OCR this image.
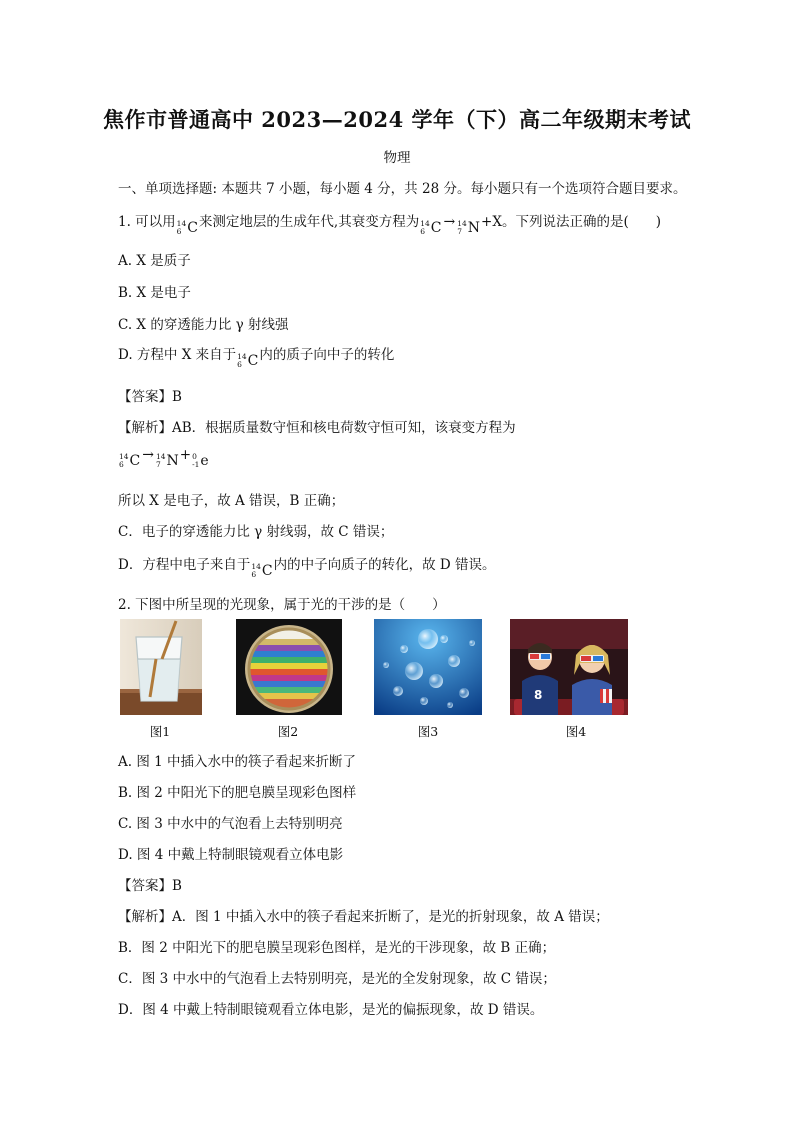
焦作市普通高中 2023—2024 学年（下）高二年级期末考试
物理
一、单项选择题: 本题共 7 小题，每小题 4 分，共 28 分。每小题只有一个选项符合题目要求。
1. 可以用 14
6 C 来测定地层的生成年代,其衰变方程为 14
6 C → 14
7 N +X。下列说法正确的是(　　)
A. X 是质子
B. X 是电子
C. X 的穿透能力比 γ 射线强
D. 方程中 X 来自于 14
6 C 内的质子向中子的转化
【答案】B
【解析】AB．根据质量数守恒和核电荷数守恒可知，该衰变方程为
14
6 C → 14
7 N + 0
-1 e
所以 X 是电子，故 A 错误，B 正确；
C．电子的穿透能力比 γ 射线弱，故 C 错误；
D．方程中电子来自于 14
6 C 内的中子向质子的转化，故 D 错误。
2. 下图中所呈现的光现象，属于光的干涉的是（　　）
8
图1	图2	图3	图4
A. 图 1 中插入水中的筷子看起来折断了
B. 图 2 中阳光下的肥皂膜呈现彩色图样
C. 图 3 中水中的气泡看上去特别明亮
D. 图 4 中戴上特制眼镜观看立体电影
【答案】B
【解析】A．图 1 中插入水中的筷子看起来折断了，是光的折射现象，故 A 错误；
B．图 2 中阳光下的肥皂膜呈现彩色图样，是光的干涉现象，故 B 正确；
C．图 3 中水中的气泡看上去特别明亮，是光的全发射现象，故 C 错误；
D．图 4 中戴上特制眼镜观看立体电影，是光的偏振现象，故 D 错误。
